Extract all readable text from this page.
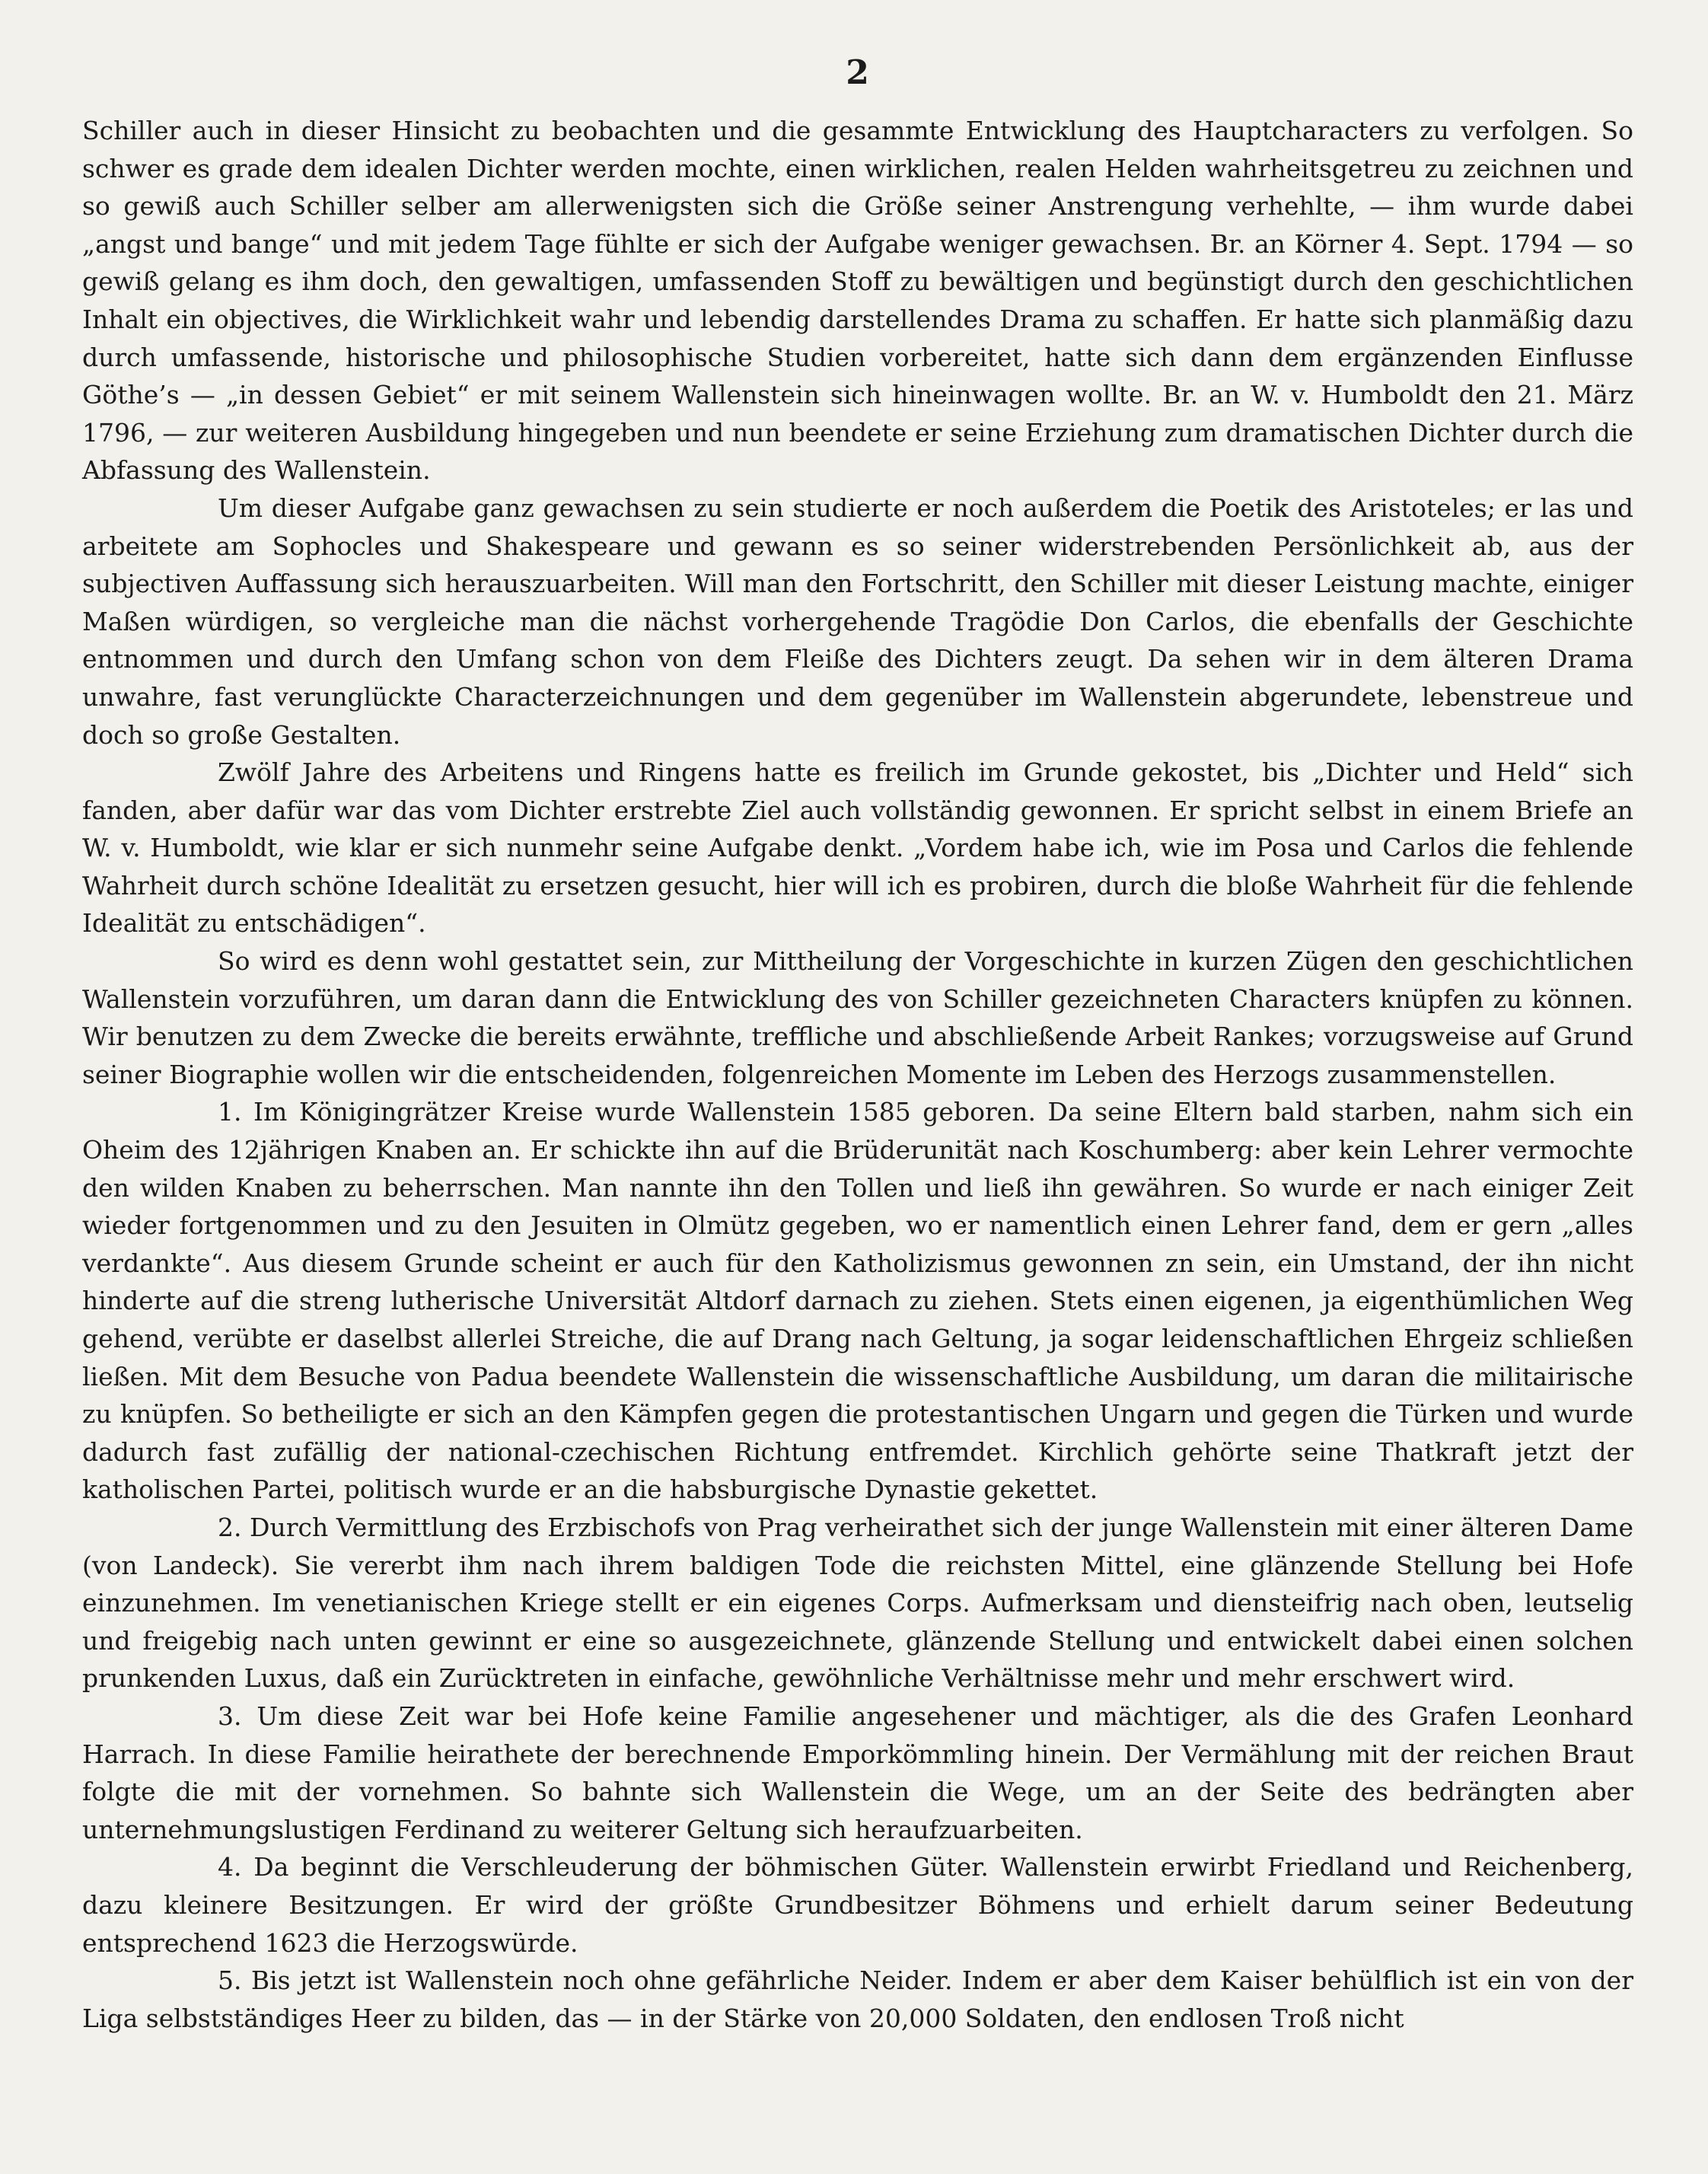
2

Schiller auch in dieser Hinsicht zu beobachten und die gesammte Entwicklung des Hauptcharacters zu verfolgen. So schwer es grade dem idealen Dichter werden mochte, einen wirklichen, realen Helden wahrheitsgetreu zu zeichnen und so gewiß auch Schiller selber am allerwenigsten sich die Größe seiner Anstrengung verhehlte, — ihm wurde dabei „angst und bange“ und mit jedem Tage fühlte er sich der Aufgabe weniger gewachsen. Br. an Körner 4. Sept. 1794 — so gewiß gelang es ihm doch, den gewaltigen, umfassenden Stoff zu bewältigen und begünstigt durch den geschichtlichen Inhalt ein objectives, die Wirklichkeit wahr und lebendig darstellendes Drama zu schaffen. Er hatte sich planmäßig dazu durch umfassende, historische und philosophische Studien vorbereitet, hatte sich dann dem ergänzenden Einflusse Göthe’s — „in dessen Gebiet“ er mit seinem Wallenstein sich hineinwagen wollte. Br. an W. v. Humboldt den 21. März 1796, — zur weiteren Ausbildung hingegeben und nun beendete er seine Erziehung zum dramatischen Dichter durch die Abfassung des Wallenstein.

Um dieser Aufgabe ganz gewachsen zu sein studierte er noch außerdem die Poetik des Aristoteles; er las und arbeitete am Sophocles und Shakespeare und gewann es so seiner widerstrebenden Persönlichkeit ab, aus der subjectiven Auffassung sich herauszuarbeiten. Will man den Fortschritt, den Schiller mit dieser Leistung machte, einiger Maßen würdigen, so vergleiche man die nächst vorhergehende Tragödie Don Carlos, die ebenfalls der Geschichte entnommen und durch den Umfang schon von dem Fleiße des Dichters zeugt. Da sehen wir in dem älteren Drama unwahre, fast verunglückte Characterzeichnungen und dem gegenüber im Wallenstein abgerundete, lebenstreue und doch so große Gestalten.

Zwölf Jahre des Arbeitens und Ringens hatte es freilich im Grunde gekostet, bis „Dichter und Held“ sich fanden, aber dafür war das vom Dichter erstrebte Ziel auch vollständig gewonnen. Er spricht selbst in einem Briefe an W. v. Humboldt, wie klar er sich nunmehr seine Aufgabe denkt. „Vordem habe ich, wie im Posa und Carlos die fehlende Wahrheit durch schöne Idealität zu ersetzen gesucht, hier will ich es probiren, durch die bloße Wahrheit für die fehlende Idealität zu entschädigen“.

So wird es denn wohl gestattet sein, zur Mittheilung der Vorgeschichte in kurzen Zügen den geschichtlichen Wallenstein vorzuführen, um daran dann die Entwicklung des von Schiller gezeichneten Characters knüpfen zu können. Wir benutzen zu dem Zwecke die bereits erwähnte, treffliche und abschließende Arbeit Rankes; vorzugsweise auf Grund seiner Biographie wollen wir die entscheidenden, folgenreichen Momente im Leben des Herzogs zusammenstellen.

1. Im Königingrätzer Kreise wurde Wallenstein 1585 geboren. Da seine Eltern bald starben, nahm sich ein Oheim des 12jährigen Knaben an. Er schickte ihn auf die Brüderunität nach Koschumberg: aber kein Lehrer vermochte den wilden Knaben zu beherrschen. Man nannte ihn den Tollen und ließ ihn gewähren. So wurde er nach einiger Zeit wieder fortgenommen und zu den Jesuiten in Olmütz gegeben, wo er namentlich einen Lehrer fand, dem er gern „alles verdankte“. Aus diesem Grunde scheint er auch für den Katholizismus gewonnen zn sein, ein Umstand, der ihn nicht hinderte auf die streng lutherische Universität Altdorf darnach zu ziehen. Stets einen eigenen, ja eigenthümlichen Weg gehend, verübte er daselbst allerlei Streiche, die auf Drang nach Geltung, ja sogar leidenschaftlichen Ehrgeiz schließen ließen. Mit dem Besuche von Padua beendete Wallenstein die wissenschaftliche Ausbildung, um daran die militairische zu knüpfen. So betheiligte er sich an den Kämpfen gegen die protestantischen Ungarn und gegen die Türken und wurde dadurch fast zufällig der national-czechischen Richtung entfremdet. Kirchlich gehörte seine Thatkraft jetzt der katholischen Partei, politisch wurde er an die habsburgische Dynastie gekettet.

2. Durch Vermittlung des Erzbischofs von Prag verheirathet sich der junge Wallenstein mit einer älteren Dame (von Landeck). Sie vererbt ihm nach ihrem baldigen Tode die reichsten Mittel, eine glänzende Stellung bei Hofe einzunehmen. Im venetianischen Kriege stellt er ein eigenes Corps. Aufmerksam und diensteifrig nach oben, leutselig und freigebig nach unten gewinnt er eine so ausgezeichnete, glänzende Stellung und entwickelt dabei einen solchen prunkenden Luxus, daß ein Zurücktreten in einfache, gewöhnliche Verhältnisse mehr und mehr erschwert wird.

3. Um diese Zeit war bei Hofe keine Familie angesehener und mächtiger, als die des Grafen Leonhard Harrach. In diese Familie heirathete der berechnende Emporkömmling hinein. Der Vermählung mit der reichen Braut folgte die mit der vornehmen. So bahnte sich Wallenstein die Wege, um an der Seite des bedrängten aber unternehmungslustigen Ferdinand zu weiterer Geltung sich heraufzuarbeiten.

4. Da beginnt die Verschleuderung der böhmischen Güter. Wallenstein erwirbt Friedland und Reichenberg, dazu kleinere Besitzungen. Er wird der größte Grundbesitzer Böhmens und erhielt darum seiner Bedeutung entsprechend 1623 die Herzogswürde.

5. Bis jetzt ist Wallenstein noch ohne gefährliche Neider. Indem er aber dem Kaiser behülflich ist ein von der Liga selbstständiges Heer zu bilden, das — in der Stärke von 20,000 Soldaten, den endlosen Troß nicht
